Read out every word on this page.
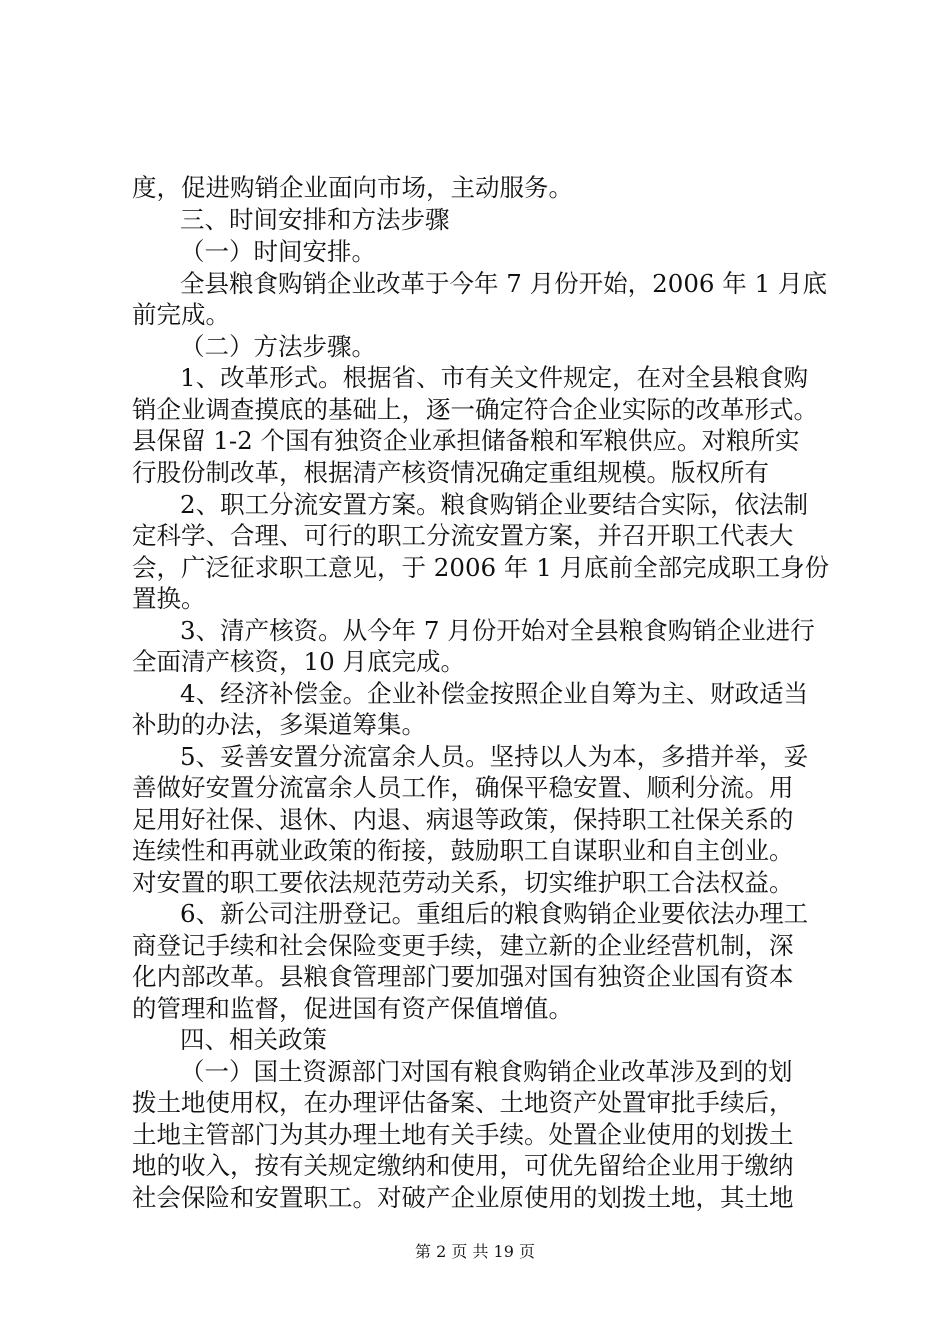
度，促进购销企业面向市场，主动服务。
三、时间安排和方法步骤
（一）时间安排。
全县粮食购销企业改革于今年 7 月份开始，2006 年 1 月底
前完成。
（二）方法步骤。
1、改革形式。根据省、市有关文件规定，在对全县粮食购
销企业调查摸底的基础上，逐一确定符合企业实际的改革形式。
县保留 1-2 个国有独资企业承担储备粮和军粮供应。对粮所实
行股份制改革，根据清产核资情况确定重组规模。版权所有
2、职工分流安置方案。粮食购销企业要结合实际，依法制
定科学、合理、可行的职工分流安置方案，并召开职工代表大
会，广泛征求职工意见，于 2006 年 1 月底前全部完成职工身份
置换。
3、清产核资。从今年 7 月份开始对全县粮食购销企业进行
全面清产核资，10 月底完成。
4、经济补偿金。企业补偿金按照企业自筹为主、财政适当
补助的办法，多渠道筹集。
5、妥善安置分流富余人员。坚持以人为本，多措并举，妥
善做好安置分流富余人员工作，确保平稳安置、顺利分流。用
足用好社保、退休、内退、病退等政策，保持职工社保关系的
连续性和再就业政策的衔接，鼓励职工自谋职业和自主创业。
对安置的职工要依法规范劳动关系，切实维护职工合法权益。
6、新公司注册登记。重组后的粮食购销企业要依法办理工
商登记手续和社会保险变更手续，建立新的企业经营机制，深
化内部改革。县粮食管理部门要加强对国有独资企业国有资本
的管理和监督，促进国有资产保值增值。
四、相关政策
（一）国土资源部门对国有粮食购销企业改革涉及到的划
拨土地使用权，在办理评估备案、土地资产处置审批手续后，
土地主管部门为其办理土地有关手续。处置企业使用的划拨土
地的收入，按有关规定缴纳和使用，可优先留给企业用于缴纳
社会保险和安置职工。对破产企业原使用的划拨土地，其土地
第 2 页 共 19 页
